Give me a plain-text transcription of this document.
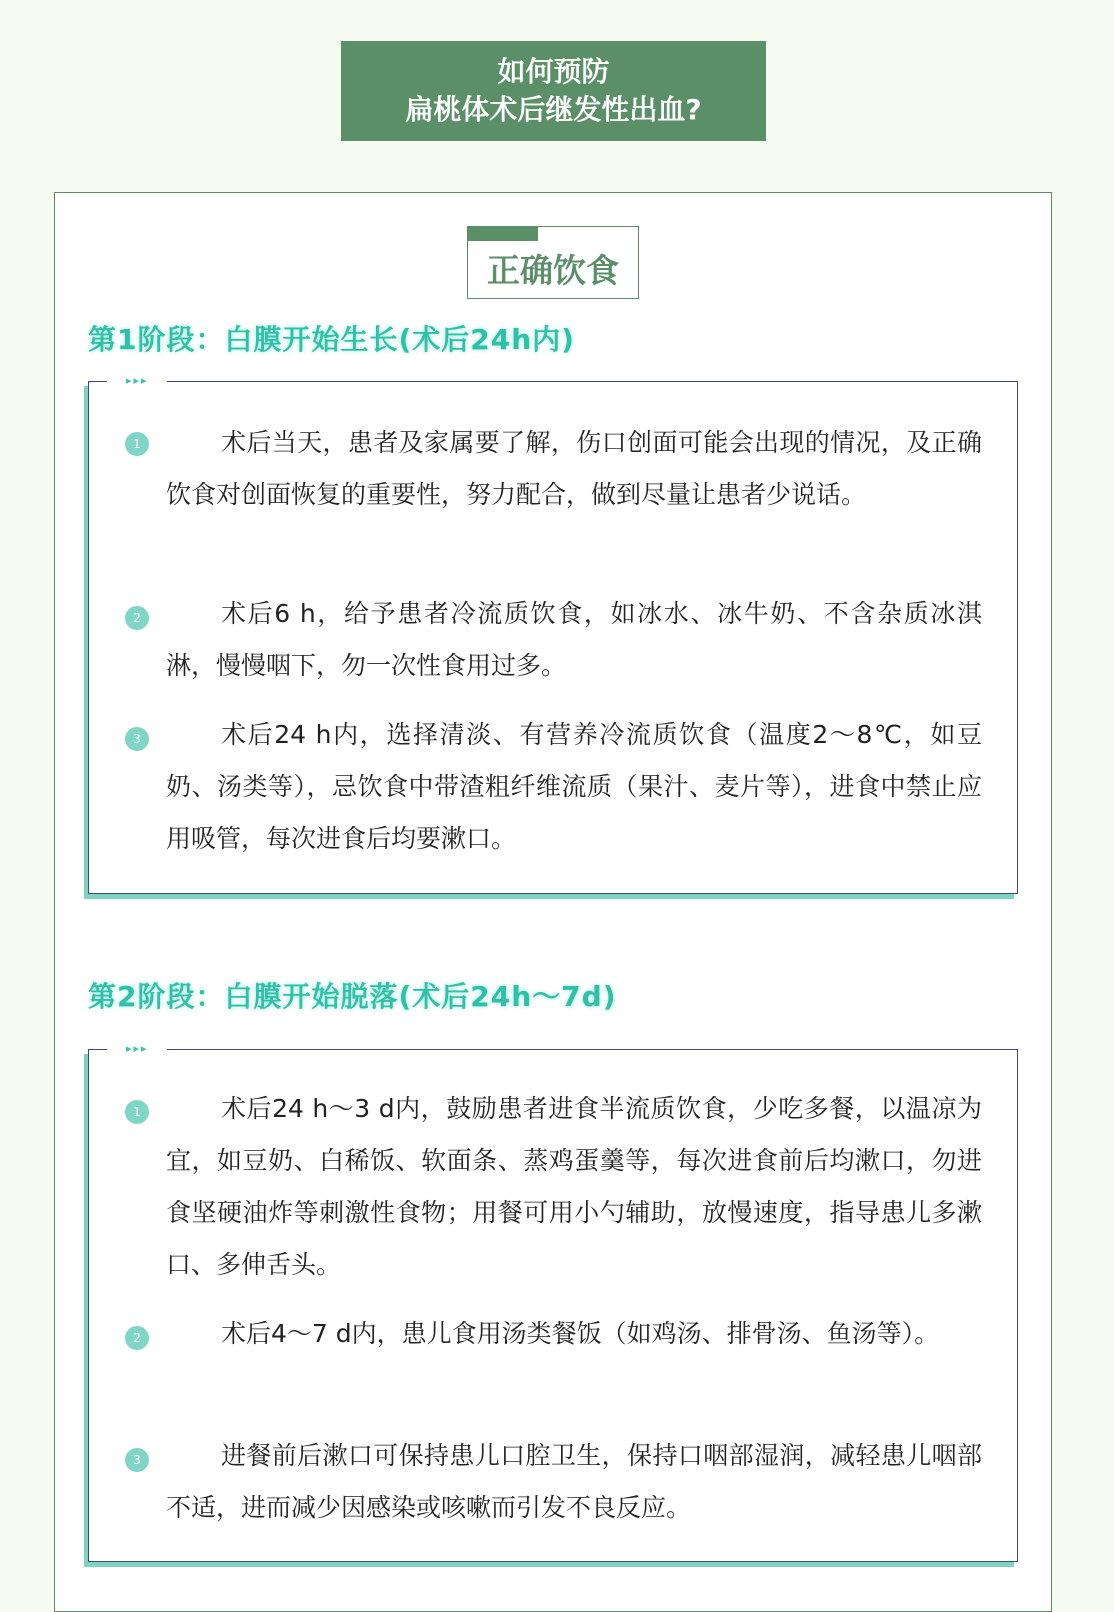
如何预防
扁桃体术后继发性出血?
正确饮食
第1阶段：白膜开始生长(术后24h内)
▸▸▸
1	术后当天，患者及家属要了解，伤口创面可能会出现的情况，及正确饮食对创面恢复的重要性，努力配合，做到尽量让患者少说话。

2	术后6 h，给予患者冷流质饮食，如冰水、冰牛奶、不含杂质冰淇淋，慢慢咽下，勿一次性食用过多。

3	术后24 h内，选择清淡、有营养冷流质饮食（温度2～8℃，如豆奶、汤类等），忌饮食中带渣粗纤维流质（果汁、麦片等），进食中禁止应用吸管，每次进食后均要漱口。

第2阶段：白膜开始脱落(术后24h～7d)
▸▸▸
1	术后24 h～3 d内，鼓励患者进食半流质饮食，少吃多餐，以温凉为宜，如豆奶、白稀饭、软面条、蒸鸡蛋羹等，每次进食前后均漱口，勿进食坚硬油炸等刺激性食物；用餐可用小勺辅助，放慢速度，指导患儿多漱口、多伸舌头。

2	术后4～7 d内，患儿食用汤类餐饭（如鸡汤、排骨汤、鱼汤等）。

3	进餐前后漱口可保持患儿口腔卫生，保持口咽部湿润，减轻患儿咽部不适，进而减少因感染或咳嗽而引发不良反应。
